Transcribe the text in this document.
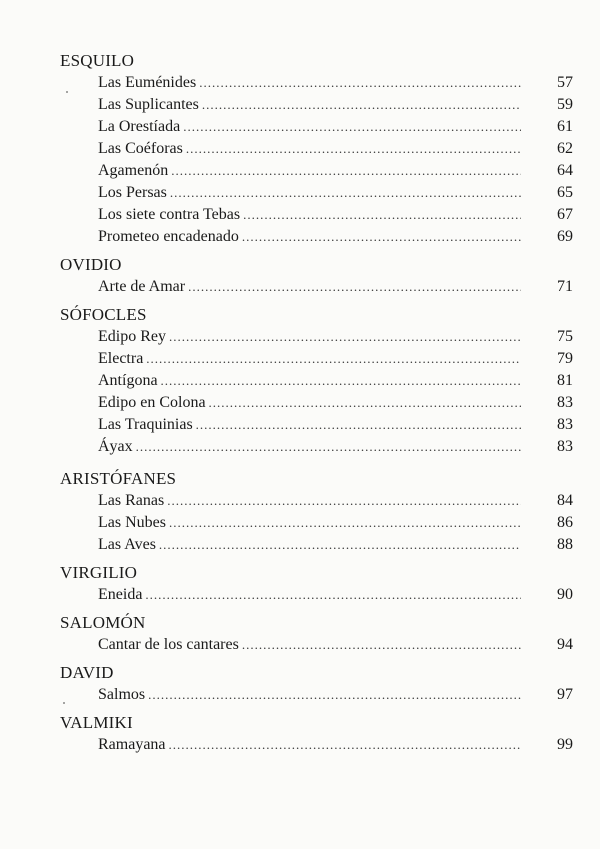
ESQUILO
Las Euménides .....	57
Las Suplicantes .....	59
La Orestíada .....	61
Las Coéforas .....	62
Agamenón .....	64
Los Persas .....	65
Los siete contra Tebas .....	67
Prometeo encadenado .....	69
OVIDIO
Arte de Amar .....	71
SÓFOCLES
Edipo Rey .....	75
Electra .....	79
Antígona .....	81
Edipo en Colona .....	83
Las Traquinias .....	83
Áyax .....	83
ARISTÓFANES
Las Ranas .....	84
Las Nubes .....	86
Las Aves .....	88
VIRGILIO
Eneida .....	90
SALOMÓN
Cantar de los cantares .....	94
DAVID
Salmos .....	97
VALMIKI
Ramayana .....	99
